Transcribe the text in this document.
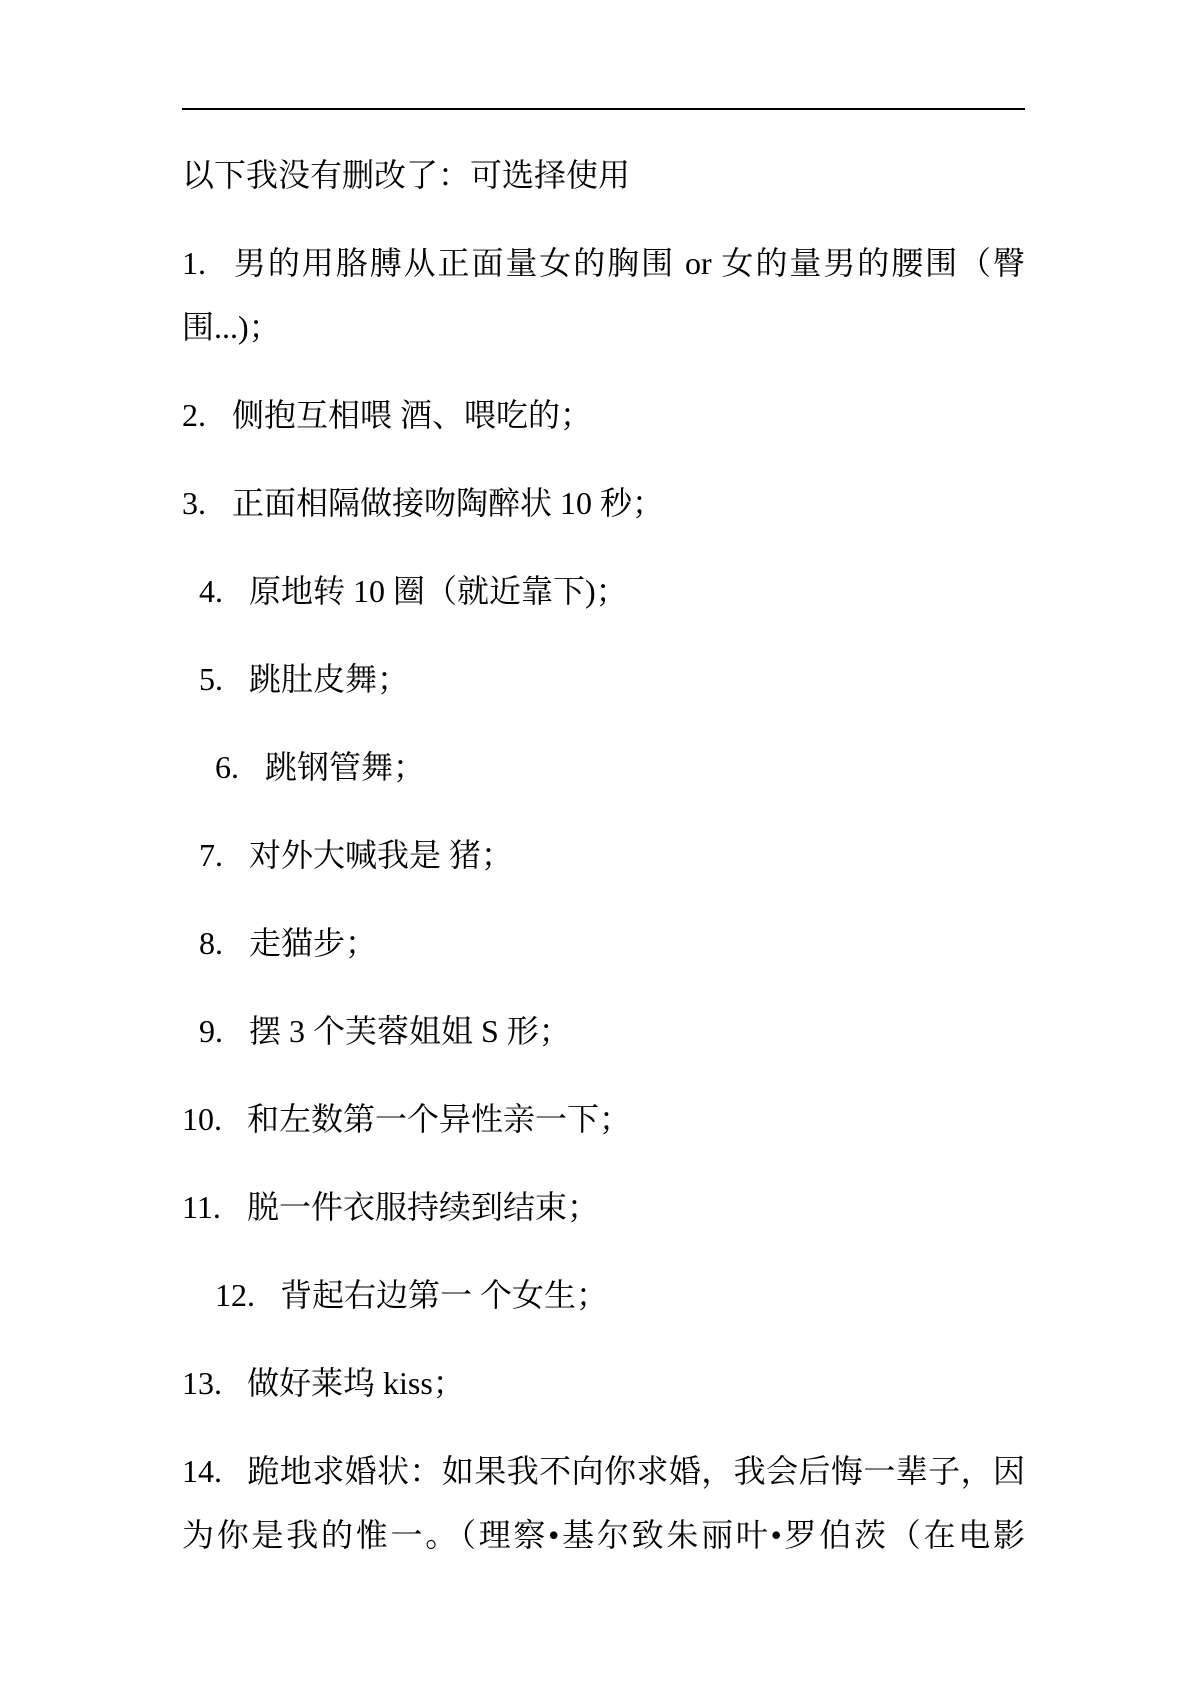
以下我没有删改了：可选择使用

1. 男的用胳膊从正面量女的胸围 or 女的量男的腰围（臀
围...)；

2. 侧抱互相喂 酒、喂吃的；

3. 正面相隔做接吻陶醉状 10 秒；

4. 原地转 10 圈（就近靠下)；

5. 跳肚皮舞；

6. 跳钢管舞；

7. 对外大喊我是 猪；

8. 走猫步；

9. 摆 3 个芙蓉姐姐 S 形；

10. 和左数第一个异性亲一下；

11. 脱一件衣服持续到结束；

12. 背起右边第一 个女生；

13. 做好莱坞 kiss；

14. 跪地求婚状：如果我不向你求婚，我会后悔一辈子，因
为你是我的惟一。（理察•基尔致朱丽叶•罗伯茨（在电影
